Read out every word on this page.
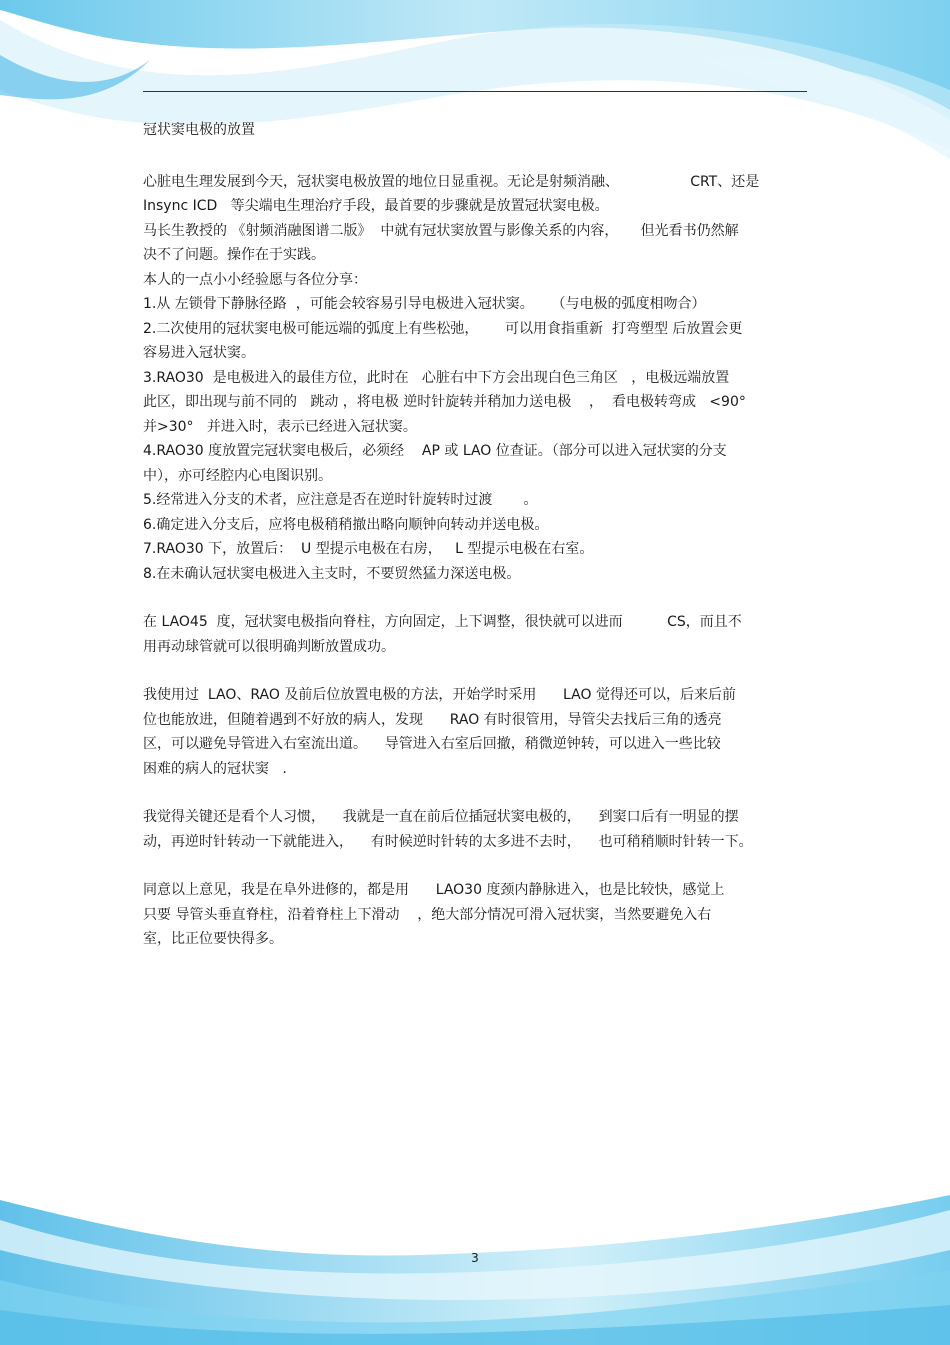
冠状窦电极的放置
心脏电生理发展到今天，冠状窦电极放置的地位日显重视。无论是射频消融、                CRT、还是
Insync ICD   等尖端电生理治疗手段，最首要的步骤就是放置冠状窦电极。
马长生教授的 《射频消融图谱二版》  中就有冠状窦放置与影像关系的内容，     但光看书仍然解
决不了问题。操作在于实践。
本人的一点小小经验愿与各位分享：
1.从 左锁骨下静脉径路  ，可能会较容易引导电极进入冠状窦。    （与电极的弧度相吻合）
2.二次使用的冠状窦电极可能远端的弧度上有些松弛，      可以用食指重新  打弯塑型 后放置会更
容易进入冠状窦。
3.RAO30  是电极进入的最佳方位，此时在   心脏右中下方会出现白色三角区   ，电极远端放置
此区，即出现与前不同的   跳动 ，将电极 逆时针旋转并稍加力送电极    ，  看电极转弯成   <90°
并>30°   并进入时，表示已经进入冠状窦。
4.RAO30 度放置完冠状窦电极后，必须经    AP 或 LAO 位查证。（部分可以进入冠状窦的分支
中），亦可经腔内心电图识别。
5.经常进入分支的术者，应注意是否在逆时针旋转时过渡       。
6.确定进入分支后，应将电极稍稍撤出略向顺钟向转动并送电极。
7.RAO30 下，放置后：  U 型提示电极在右房，   L 型提示电极在右室。
8.在未确认冠状窦电极进入主支时，不要贸然猛力深送电极。
在 LAO45  度，冠状窦电极指向脊柱，方向固定，上下调整，很快就可以进而          CS，而且不
用再动球管就可以很明确判断放置成功。
我使用过  LAO、RAO 及前后位放置电极的方法，开始学时采用      LAO 觉得还可以，后来后前
位也能放进，但随着遇到不好放的病人，发现      RAO 有时很管用，导管尖去找后三角的透亮
区，可以避免导管进入右室流出道。    导管进入右室后回撤，稍微逆钟转，可以进入一些比较
困难的病人的冠状窦   .
我觉得关键还是看个人习惯，    我就是一直在前后位插冠状窦电极的，    到窦口后有一明显的摆
动，再逆时针转动一下就能进入，    有时候逆时针转的太多进不去时，    也可稍稍顺时针转一下。
同意以上意见，我是在阜外进修的，都是用      LAO30 度颈内静脉进入，也是比较快，感觉上
只要 导管头垂直脊柱，沿着脊柱上下滑动    ，绝大部分情况可滑入冠状窦，当然要避免入右
室，比正位要快得多。
3
